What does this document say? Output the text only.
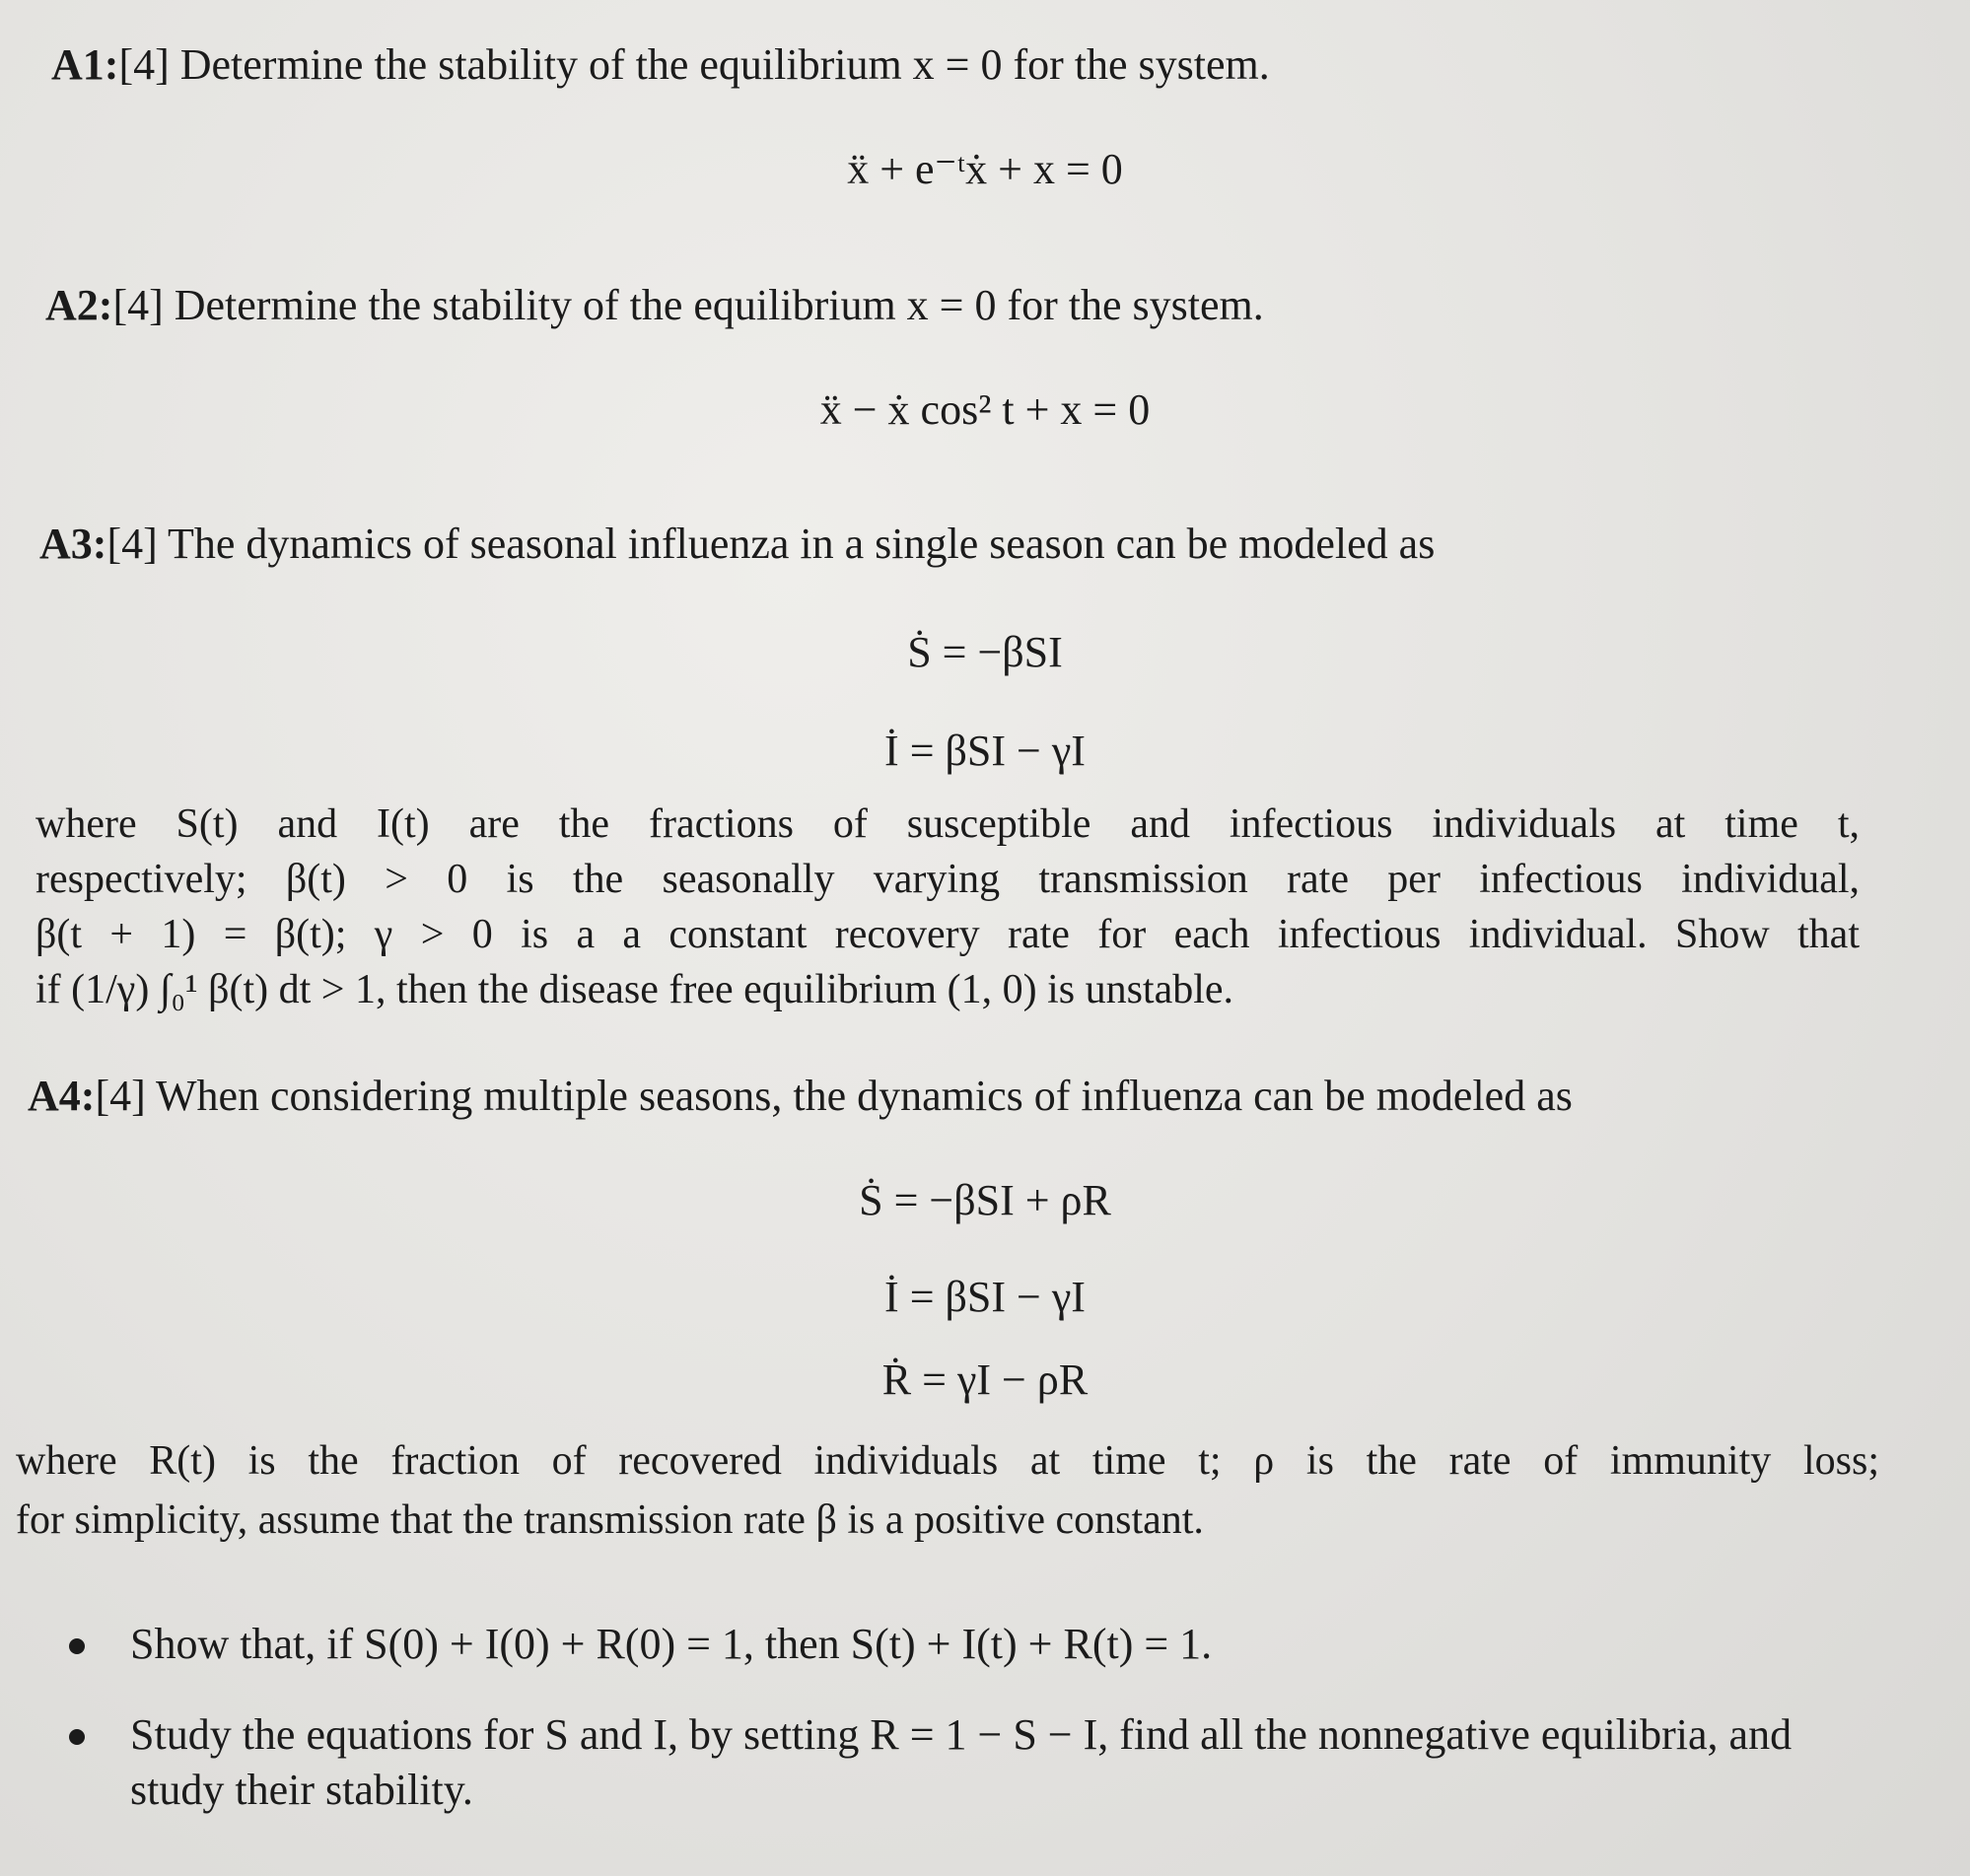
A1:[4] Determine the stability of the equilibrium x = 0 for the system.
ẍ + e⁻ᵗẋ + x = 0
A2:[4] Determine the stability of the equilibrium x = 0 for the system.
ẍ − ẋ cos² t + x = 0
A3:[4] The dynamics of seasonal influenza in a single season can be modeled as
Ṡ = −βSI
İ = βSI − γI
where S(t) and I(t) are the fractions of susceptible and infectious individuals at time t,
respectively; β(t) > 0 is the seasonally varying transmission rate per infectious individual,
β(t + 1) = β(t); γ > 0 is a a constant recovery rate for each infectious individual. Show that
if (1/γ) ∫₀¹ β(t) dt > 1, then the disease free equilibrium (1, 0) is unstable.
A4:[4] When considering multiple seasons, the dynamics of influenza can be modeled as
Ṡ = −βSI + ρR
İ = βSI − γI
Ṙ = γI − ρR
where R(t) is the fraction of recovered individuals at time t; ρ is the rate of immunity loss;
for simplicity, assume that the transmission rate β is a positive constant.
Show that, if S(0) + I(0) + R(0) = 1, then S(t) + I(t) + R(t) = 1.
Study the equations for S and I, by setting R = 1 − S − I, find all the nonnegative equilibria, and study their stability.
